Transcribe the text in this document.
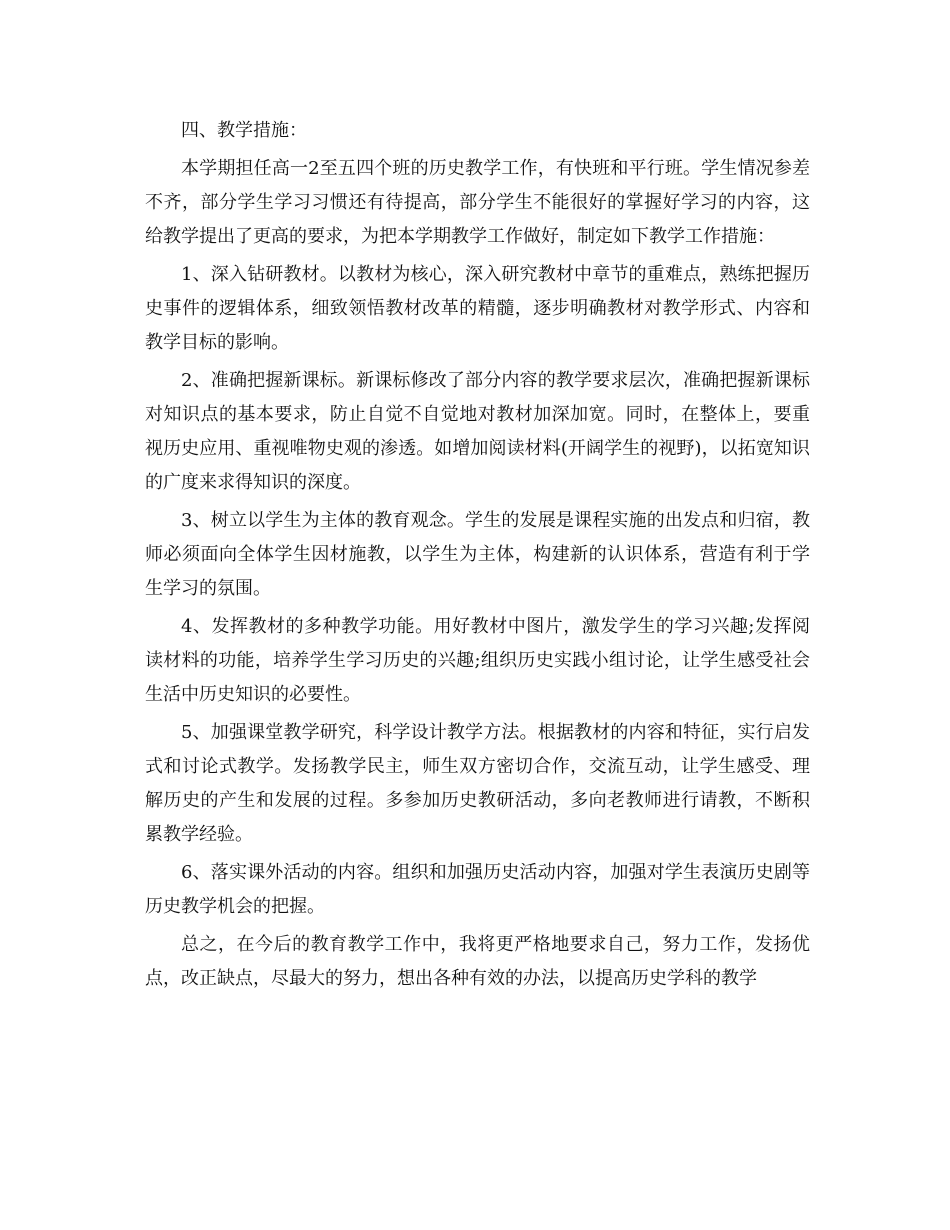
四、教学措施：

本学期担任高一2至五四个班的历史教学工作，有快班和平行班。学生情况参差不齐，部分学生学习习惯还有待提高，部分学生不能很好的掌握好学习的内容，这给教学提出了更高的要求，为把本学期教学工作做好，制定如下教学工作措施：

1、深入钻研教材。以教材为核心，深入研究教材中章节的重难点，熟练把握历史事件的逻辑体系，细致领悟教材改革的精髓，逐步明确教材对教学形式、内容和教学目标的影响。

2、准确把握新课标。新课标修改了部分内容的教学要求层次，准确把握新课标对知识点的基本要求，防止自觉不自觉地对教材加深加宽。同时，在整体上，要重视历史应用、重视唯物史观的渗透。如增加阅读材料(开阔学生的视野)，以拓宽知识的广度来求得知识的深度。

3、树立以学生为主体的教育观念。学生的发展是课程实施的出发点和归宿，教师必须面向全体学生因材施教，以学生为主体，构建新的认识体系，营造有利于学生学习的氛围。

4、发挥教材的多种教学功能。用好教材中图片，激发学生的学习兴趣;发挥阅读材料的功能，培养学生学习历史的兴趣;组织历史实践小组讨论，让学生感受社会生活中历史知识的必要性。

5、加强课堂教学研究，科学设计教学方法。根据教材的内容和特征，实行启发式和讨论式教学。发扬教学民主，师生双方密切合作，交流互动，让学生感受、理解历史的产生和发展的过程。多参加历史教研活动，多向老教师进行请教，不断积累教学经验。

6、落实课外活动的内容。组织和加强历史活动内容，加强对学生表演历史剧等历史教学机会的把握。

总之，在今后的教育教学工作中，我将更严格地要求自己，努力工作，发扬优点，改正缺点，尽最大的努力，想出各种有效的办法，以提高历史学科的教学
